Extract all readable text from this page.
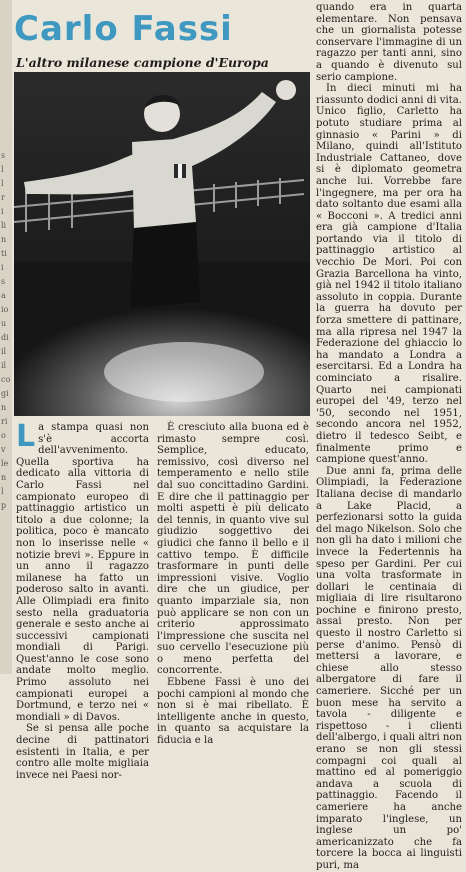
s
l
l
r
i
li
n
ti
i
s
a
io
u
di
il
il
co
gi
n
ri
o
v
le
n
l
p
Carlo Fassi
L'altro milanese campione d'Europa

La stampa quasi non s'è accorta dell'avvenimento. Quella sportiva ha dedicato alla vittoria di Carlo Fassi nel campionato europeo di pattinaggio artistico un titolo a due colonne; la politica, poco è mancato non lo inserisse nelle « notizie brevi ». Eppure in un anno il ragazzo milanese ha fatto un poderoso salto in avanti. Alle Olimpiadi era finito sesto nella graduatoria generale e sesto anche ai successivi campionati mondiali di Parigi. Quest'anno le cose sono andate molto meglio. Primo assoluto nei campionati europei a Dortmund, e terzo nei « mondiali » di Davos.

Se si pensa alle poche decine di pattinatori esistenti in Italia, e per contro alle molte migliaia invece nei Paesi nor-

È cresciuto alla buona ed è rimasto sempre così. Semplice, educato, remissivo, così diverso nel temperamento e nello stile dal suo concittadino Gardini. E dire che il pattinaggio per molti aspetti è più delicato del tennis, in quanto vive sul giudizio soggettivo dei giudici che fanno il bello e il cattivo tempo. È difficile trasformare in punti delle impressioni visive. Voglio dire che un giudice, per quanto imparziale sia, non può applicare se non con un criterio approssimato l'impressione che suscita nel suo cervello l'esecuzione più o meno perfetta del concorrente.

Ebbene Fassi è uno dei pochi campioni al mondo che non si è mai ribellato. È intelligente anche in questo, in quanto sa acquistare la fiducia e la

quando era in quarta elementare. Non pensava che un giornalista potesse conservare l'immagine di un ragazzo per tanti anni, sino a quando è divenuto sul serio campione.

In dieci minuti mi ha riassunto dodici anni di vita. Unico figlio, Carletto ha potuto studiare prima al ginnasio « Parini » di Milano, quindi all'Istituto Industriale Cattaneo, dove si è diplomato geometra anche lui. Vorrebbe fare l'ingegnere, ma per ora ha dato soltanto due esami alla « Bocconi ». A tredici anni era già campione d'Italia portando via il titolo di pattinaggio artistico al vecchio De Mori. Poi con Grazia Barcellona ha vinto, già nel 1942 il titolo italiano assoluto in coppia. Durante la guerra ha dovuto per forza smettere di pattinare, ma alla ripresa nel 1947 la Federazione del ghiaccio lo ha mandato a Londra a esercitarsi. Ed a Londra ha cominciato a risalire. Quarto nei campionati europei del '49, terzo nel '50, secondo nel 1951, secondo ancora nel 1952, dietro il tedesco Seibt, e finalmente primo e campione quest'anno.

Due anni fa, prima delle Olimpiadi, la Federazione Italiana decise di mandarlo a Lake Placid, a perfezionarsi sotto la guida del mago Nikelson. Solo che non gli ha dato i milioni che invece la Federtennis ha speso per Gardini. Per cui una volta trasformate in dollari le centinaia di migliaia di lire risultarono pochine e finirono presto, assai presto. Non per questo il nostro Carletto si perse d'animo. Pensò di mettersi a lavorare, e chiese allo stesso albergatore di fare il cameriere. Sicché per un buon mese ha servito a tavola - diligente e rispettoso - i clienti dell'albergo, i quali altri non erano se non gli stessi compagni coi quali al mattino ed al pomeriggio andava a scuola di pattinaggio. Facendo il cameriere ha anche imparato l'inglese, un inglese un po' americanizzato che fa torcere la bocca ai linguisti puri, ma
